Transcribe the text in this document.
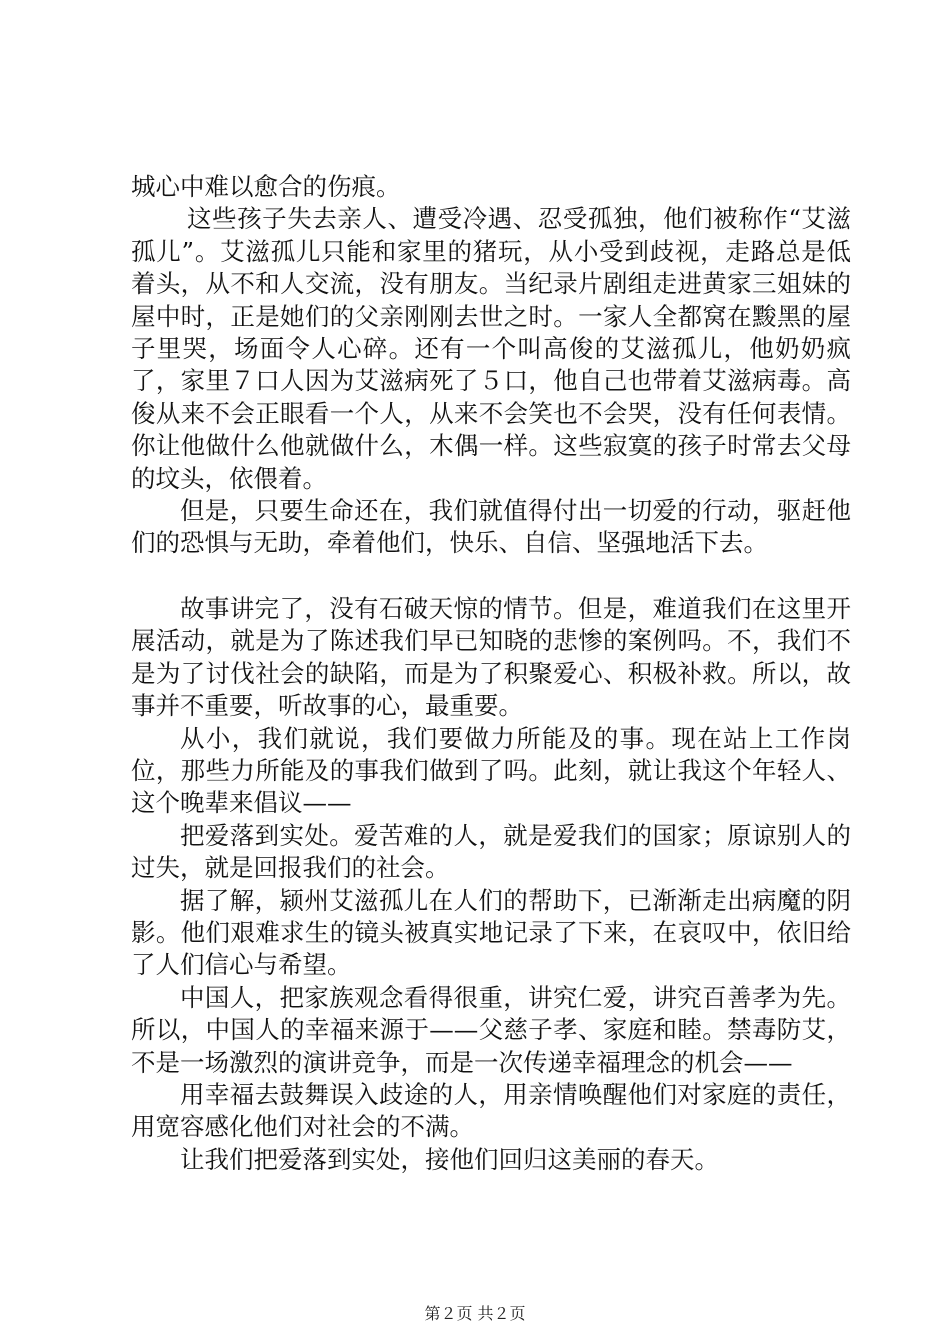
城心中难以愈合的伤痕。

这些孩子失去亲人、遭受冷遇、忍受孤独，他们被称作“艾滋孤儿”。艾滋孤儿只能和家里的猪玩，从小受到歧视，走路总是低着头，从不和人交流，没有朋友。当纪录片剧组走进黄家三姐妹的屋中时，正是她们的父亲刚刚去世之时。一家人全都窝在黢黑的屋子里哭，场面令人心碎。还有一个叫高俊的艾滋孤儿，他奶奶疯了，家里７口人因为艾滋病死了５口，他自己也带着艾滋病毒。高俊从来不会正眼看一个人，从来不会笑也不会哭，没有任何表情。你让他做什么他就做什么，木偶一样。这些寂寞的孩子时常去父母的坟头，依偎着。

但是，只要生命还在，我们就值得付出一切爱的行动，驱赶他们的恐惧与无助，牵着他们，快乐、自信、坚强地活下去。

故事讲完了，没有石破天惊的情节。但是，难道我们在这里开展活动，就是为了陈述我们早已知晓的悲惨的案例吗。不，我们不是为了讨伐社会的缺陷，而是为了积聚爱心、积极补救。所以，故事并不重要，听故事的心，最重要。

从小，我们就说，我们要做力所能及的事。现在站上工作岗位，那些力所能及的事我们做到了吗。此刻，就让我这个年轻人、这个晚辈来倡议——

把爱落到实处。爱苦难的人，就是爱我们的国家；原谅别人的过失，就是回报我们的社会。

据了解，颍州艾滋孤儿在人们的帮助下，已渐渐走出病魔的阴影。他们艰难求生的镜头被真实地记录了下来，在哀叹中，依旧给了人们信心与希望。

中国人，把家族观念看得很重，讲究仁爱，讲究百善孝为先。所以，中国人的幸福来源于——父慈子孝、家庭和睦。禁毒防艾，不是一场激烈的演讲竞争，而是一次传递幸福理念的机会——

用幸福去鼓舞误入歧途的人，用亲情唤醒他们对家庭的责任，用宽容感化他们对社会的不满。

让我们把爱落到实处，接他们回归这美丽的春天。

第２页 共２页
